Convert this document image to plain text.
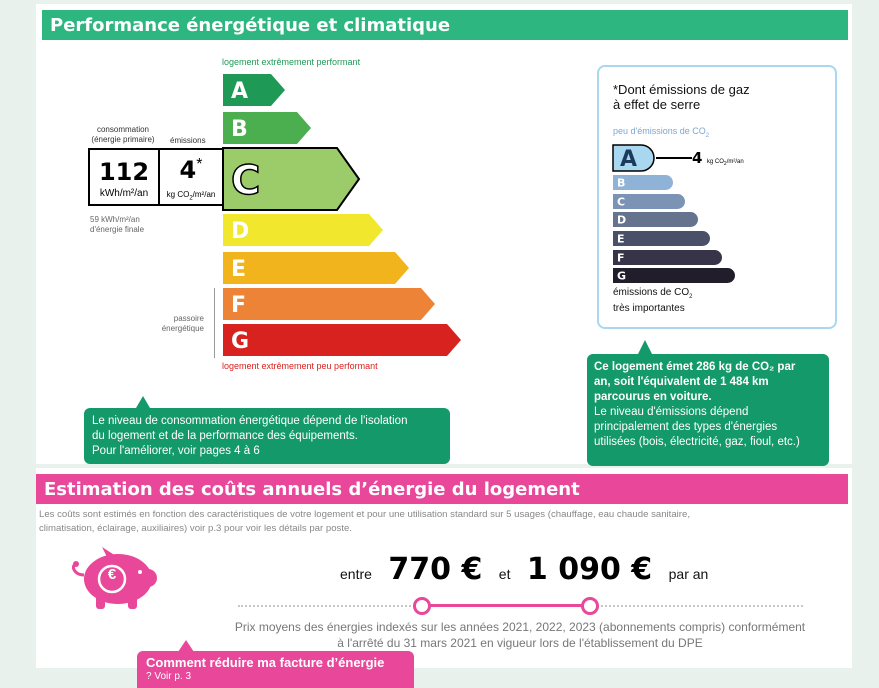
Performance énergétique et climatique
logement extrêmement performant
logement extrêmement peu performant
A
B
C
D
E
F
G
consommation
(énergie primaire)	émissions
112
kWh/m²/an
4*
kg $CO_2/m^2/an$
59 kWh/m²/an
d'énergie finale
passoire
énergétique
Le niveau de consommation énergétique dépend de l'isolation
du logement et de la performance des équipements.
Pour l'améliorer, voir pages 4 à 6
*Dont émissions de gaz
à effet de serre
peu d'émissions de $CO_2$
A
B
C
D
E
F
G
4 kg $CO_2/m^2/an$
émissions de $CO_2$
très importantes
Ce logement émet 286 kg de CO₂ par
an, soit l'équivalent de 1 484 km
parcourus en voiture.
Le niveau d'émissions dépend
principalement des types d'énergies
utilisées (bois, électricité, gaz, fioul, etc.)
Estimation des coûts annuels d’énergie du logement
Les coûts sont estimés en fonction des caractéristiques de votre logement et pour une utilisation standard sur 5 usages (chauffage, eau chaude sanitaire,
climatisation, éclairage, auxiliaires) voir p.3 pour voir les détails par poste.
€	entre 770 € et 1 090 € par an
Prix moyens des énergies indexés sur les années 2021, 2022, 2023 (abonnements compris) conformément
à l'arrêté du 31 mars 2021 en vigueur lors de l'établissement du DPE
Comment réduire ma facture d’énergie
? Voir p. 3
